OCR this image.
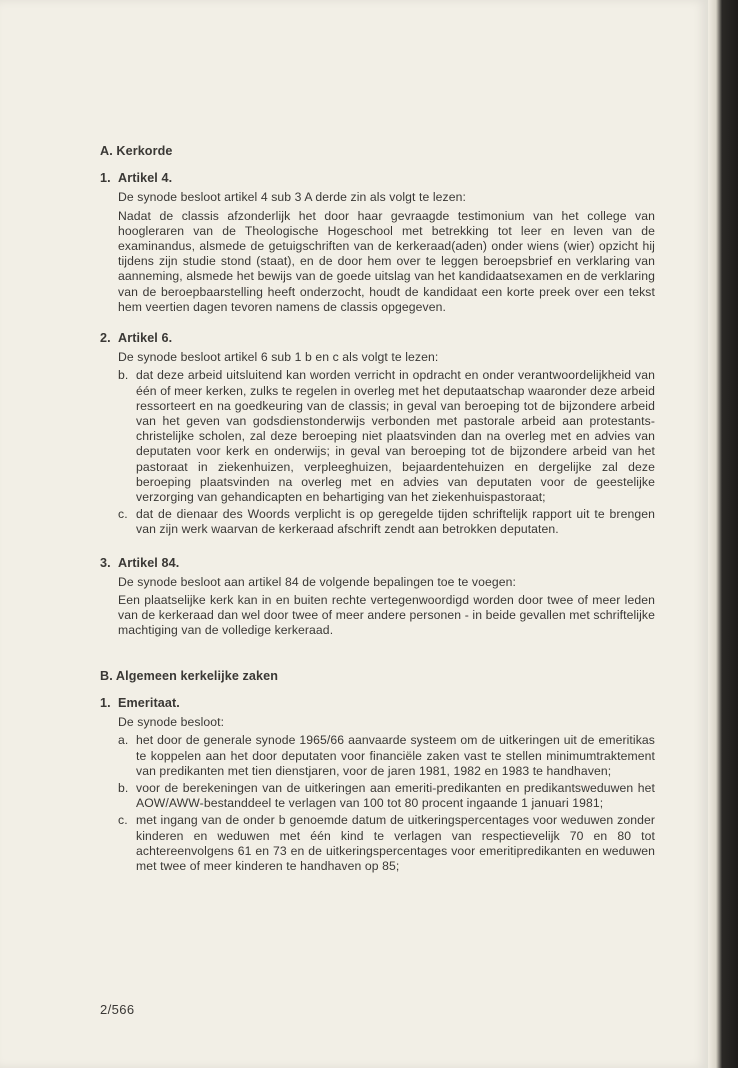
A. Kerkorde
1. Artikel 4.

De synode besloot artikel 4 sub 3 A derde zin als volgt te lezen:

Nadat de classis afzonderlijk het door haar gevraagde testimonium van het college van hoogleraren van de Theologische Hogeschool met betrekking tot leer en leven van de examinandus, alsmede de getuigschriften van de kerkeraad(aden) onder wiens (wier) opzicht hij tijdens zijn studie stond (staat), en de door hem over te leggen beroepsbrief en verklaring van aanneming, alsmede het bewijs van de goede uitslag van het kandidaatsexamen en de verklaring van de beroepbaarstelling heeft onderzocht, houdt de kandidaat een korte preek over een tekst hem veertien dagen tevoren namens de classis opgegeven.

2. Artikel 6.

De synode besloot artikel 6 sub 1 b en c als volgt te lezen:

b. dat deze arbeid uitsluitend kan worden verricht in opdracht en onder verantwoordelijkheid van één of meer kerken, zulks te regelen in overleg met het deputaatschap waaronder deze arbeid ressorteert en na goedkeuring van de classis; in geval van beroeping tot de bijzondere arbeid van het geven van godsdienstonderwijs verbonden met pastorale arbeid aan protestants-christelijke scholen, zal deze beroeping niet plaatsvinden dan na overleg met en advies van deputaten voor kerk en onderwijs; in geval van beroeping tot de bijzondere arbeid van het pastoraat in ziekenhuizen, verpleeghuizen, bejaardentehuizen en dergelijke zal deze beroeping plaatsvinden na overleg met en advies van deputaten voor de geestelijke verzorging van gehandicapten en behartiging van het ziekenhuispastoraat;
c. dat de dienaar des Woords verplicht is op geregelde tijden schriftelijk rapport uit te brengen van zijn werk waarvan de kerkeraad afschrift zendt aan betrokken deputaten.
3. Artikel 84.

De synode besloot aan artikel 84 de volgende bepalingen toe te voegen:

Een plaatselijke kerk kan in en buiten rechte vertegenwoordigd worden door twee of meer leden van de kerkeraad dan wel door twee of meer andere personen - in beide gevallen met schriftelijke machtiging van de volledige kerkeraad.

B. Algemeen kerkelijke zaken
1. Emeritaat.

De synode besloot:

a. het door de generale synode 1965/66 aanvaarde systeem om de uitkeringen uit de emeritikas te koppelen aan het door deputaten voor financiële zaken vast te stellen minimumtraktement van predikanten met tien dienstjaren, voor de jaren 1981, 1982 en 1983 te handhaven;
b. voor de berekeningen van de uitkeringen aan emeriti-predikanten en predikantsweduwen het AOW/AWW-bestanddeel te verlagen van 100 tot 80 procent ingaande 1 januari 1981;
c. met ingang van de onder b genoemde datum de uitkeringspercentages voor weduwen zonder kinderen en weduwen met één kind te verlagen van respectievelijk 70 en 80 tot achtereenvolgens 61 en 73 en de uitkeringspercentages voor emeritipredikanten en weduwen met twee of meer kinderen te handhaven op 85;
2/566
